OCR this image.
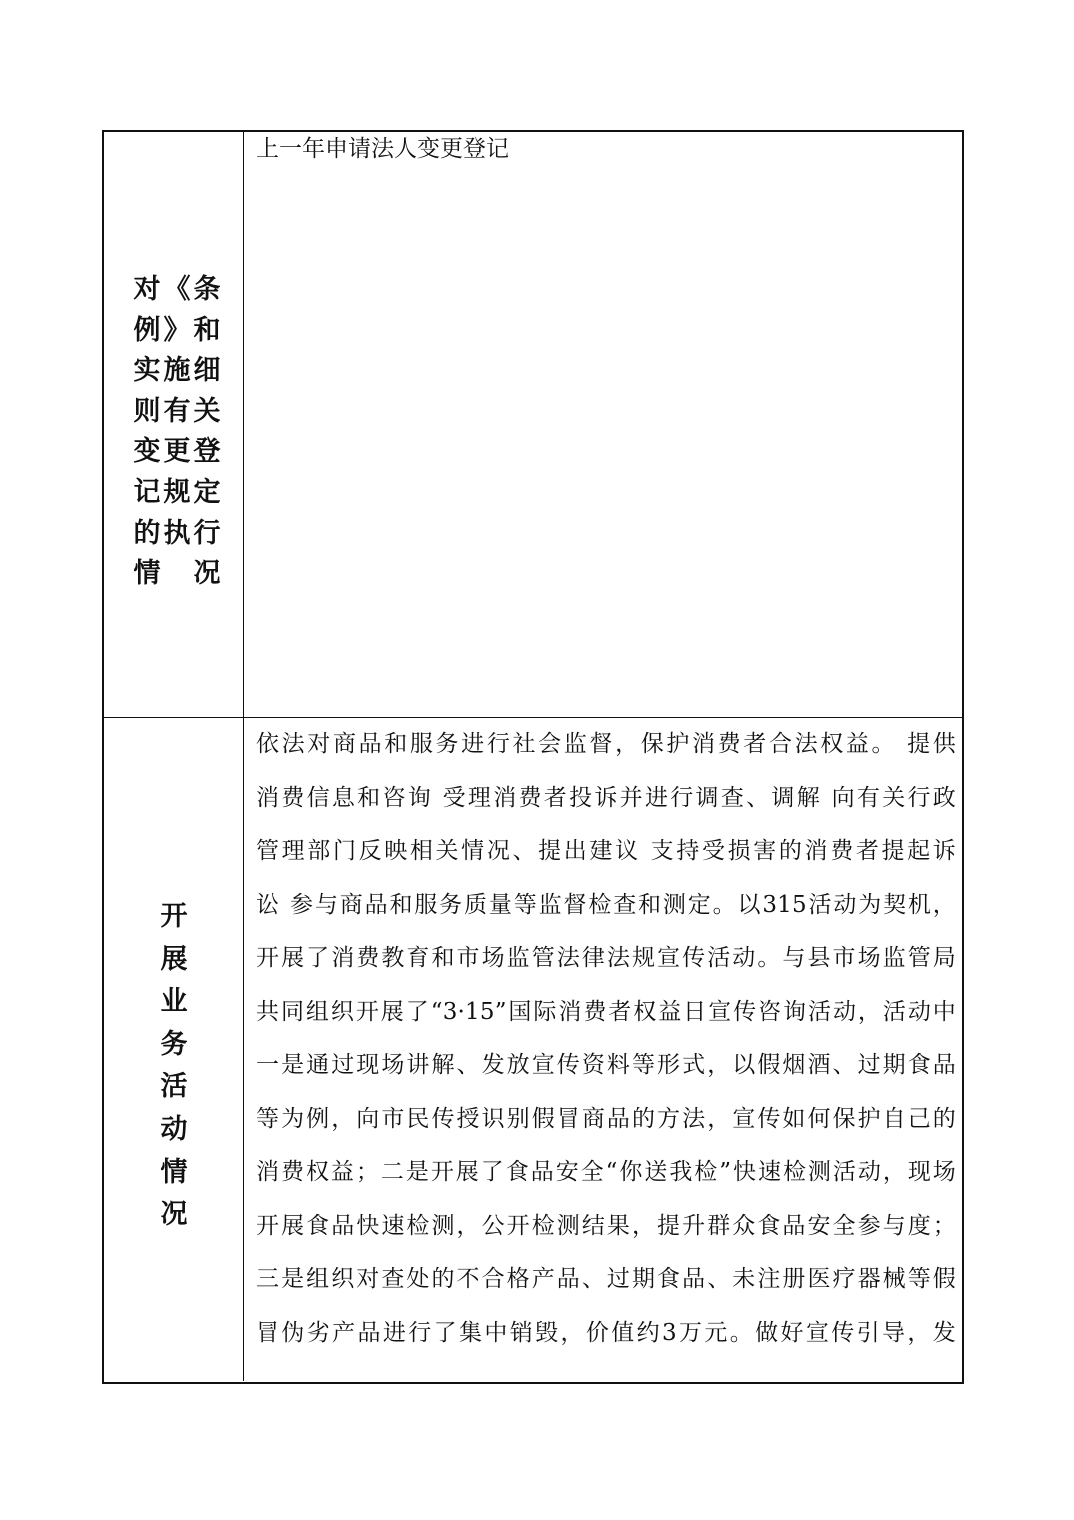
对 《 条
例 》 和
实 施 细
则 有 关
变 更 登
记 规 定
的 执 行
情
　 况
上一年申请法人变更登记
开
展
业
务
活
动
情
况
依法对商品和服务进行社会监督，保护消费者合法权益。 提供
消费信息和咨询 受理消费者投诉并进行调查、调解 向有关行政
管理部门反映相关情况、提出建议 支持受损害的消费者提起诉
讼 参与商品和服务质量等监督检查和测定。以315活动为契机，
开展了消费教育和市场监管法律法规宣传活动。与县市场监管局
共同组织开展了“3·15”国际消费者权益日宣传咨询活动，活动中
一是通过现场讲解、发放宣传资料等形式，以假烟酒、过期食品
等为例，向市民传授识别假冒商品的方法，宣传如何保护自己的
消费权益；二是开展了食品安全“你送我检”快速检测活动，现场
开展食品快速检测，公开检测结果，提升群众食品安全参与度；
三是组织对查处的不合格产品、过期食品、未注册医疗器械等假
冒伪劣产品进行了集中销毁，价值约3万元。做好宣传引导，发
